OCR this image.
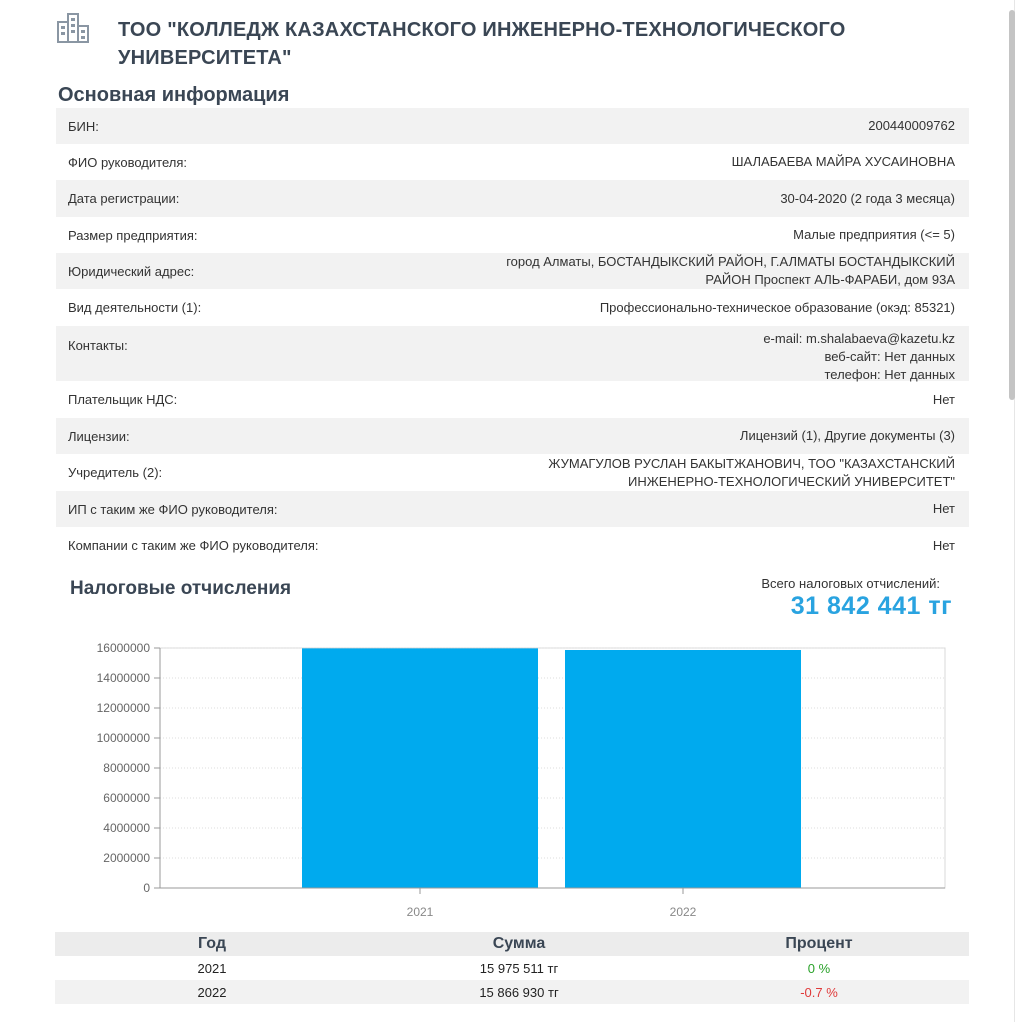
ТОО "КОЛЛЕДЖ КАЗАХСТАНСКОГО ИНЖЕНЕРНО-ТЕХНОЛОГИЧЕСКОГО УНИВЕРСИТЕТА"
Основная информация
БИН:	200440009762
ФИО руководителя:	ШАЛАБАЕВА МАЙРА ХУСАИНОВНА
Дата регистрации:	30-04-2020 (2 года 3 месяца)
Размер предприятия:	Малые предприятия (<= 5)
Юридический адрес:
город Алматы, БОСТАНДЫКСКИЙ РАЙОН, Г.АЛМАТЫ БОСТАНДЫКСКИЙ
РАЙОН Проспект АЛЬ-ФАРАБИ, дом 93А
Вид деятельности (1):	Профессионально-техническое образование (окэд: 85321)
Контакты:	e-mail: m.shalabaeva@kazetu.kz
веб-сайт: Нет данных
телефон: Нет данных
Плательщик НДС:	Нет
Лицензии:	Лицензий (1), Другие документы (3)
Учредитель (2):
ЖУМАГУЛОВ РУСЛАН БАКЫТЖАНОВИЧ, ТОО "КАЗАХСТАНСКИЙ
ИНЖЕНЕРНО-ТЕХНОЛОГИЧЕСКИЙ УНИВЕРСИТЕТ"
ИП с таким же ФИО руководителя:	Нет
Компании с таким же ФИО руководителя:	Нет
Налоговые отчисления	Всего налоговых отчислений:
31 842 441 тг
16000000
14000000
12000000
10000000
8000000
6000000
4000000
2000000
0
2021	2022
Год	Сумма	Процент
2021	15 975 511 тг	0 %
2022	15 866 930 тг	-0.7 %
